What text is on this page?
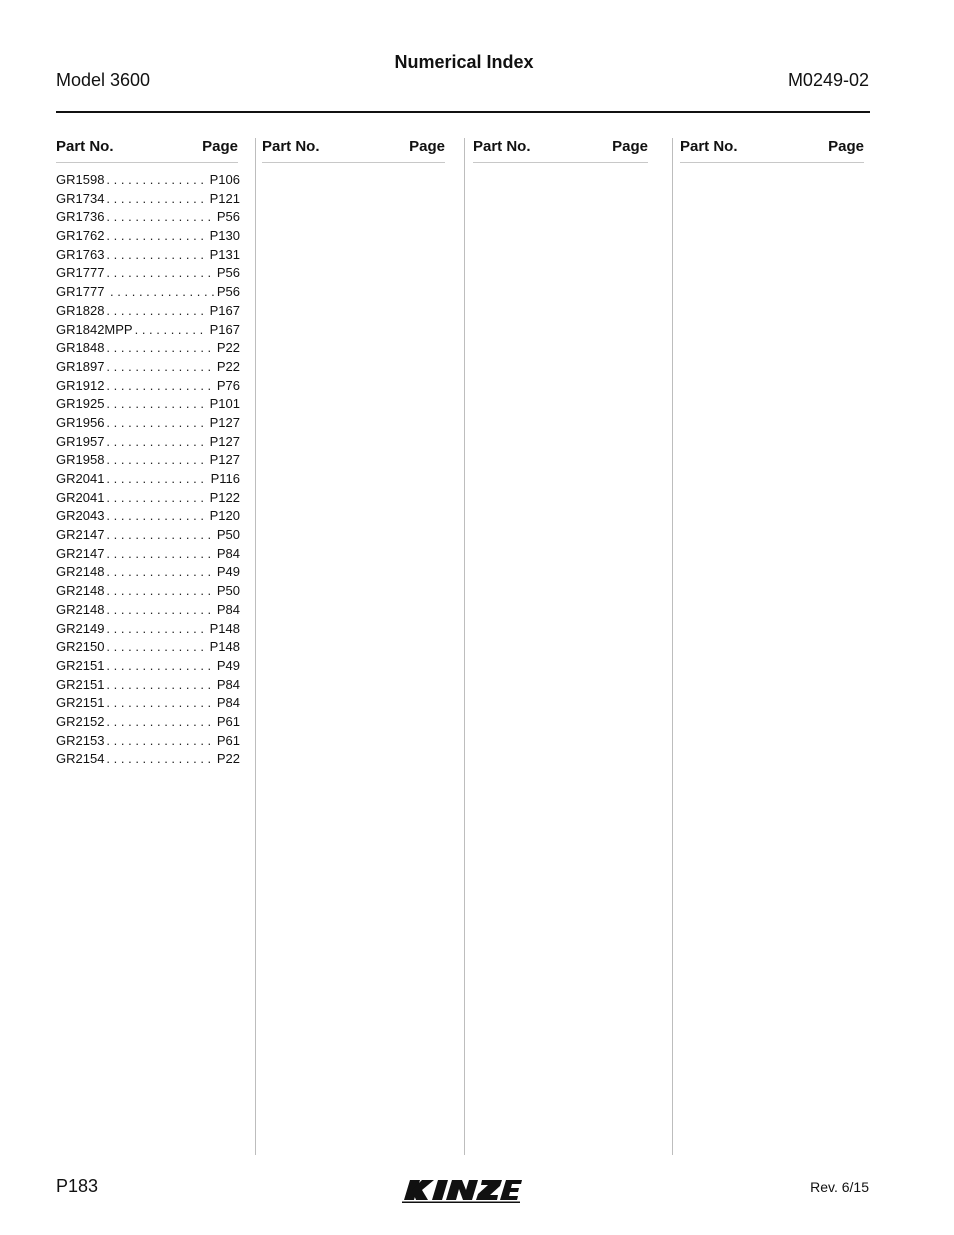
Numerical Index
Model 3600	M0249-02
Part No.	Page Part No.	Page Part No.	Page Part No.	Page
GR1598 . . .	P106
GR1734 . . .	P121
GR1736 . . .	P56
GR1762 . . .	P130
GR1763 . . .	P131
GR1777 . . .	P56
GR1777 . . .	P56
GR1828 . . .	P167
GR1842MPP . . .	P167
GR1848 . . .	P22
GR1897 . . .	P22
GR1912 . . .	P76
GR1925 . . .	P101
GR1956 . . .	P127
GR1957 . . .	P127
GR1958 . . .	P127
GR2041 . . .	P116
GR2041 . . .	P122
GR2043 . . .	P120
GR2147 . . .	P50
GR2147 . . .	P84
GR2148 . . .	P49
GR2148 . . .	P50
GR2148 . . .	P84
GR2149 . . .	P148
GR2150 . . .	P148
GR2151 . . .	P49
GR2151 . . .	P84
GR2151 . . .	P84
GR2152 . . .	P61
GR2153 . . .	P61
GR2154 . . .	P22
P183	Rev. 6/15
